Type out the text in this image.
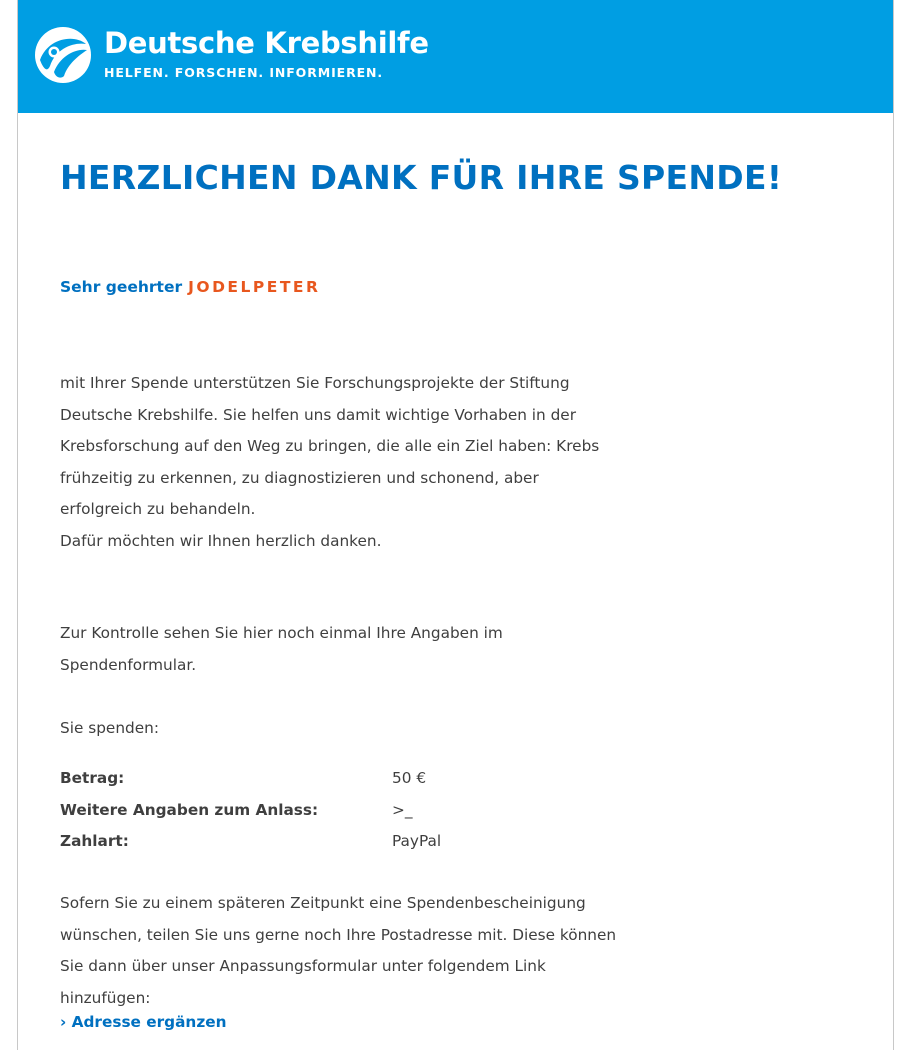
Deutsche Krebshilfe
HELFEN. FORSCHEN. INFORMIEREN.
HERZLICHEN DANK FÜR IHRE SPENDE!
Sehr geehrter JODELPETER
mit Ihrer Spende unterstützen Sie Forschungsprojekte der Stiftung Deutsche Krebshilfe. Sie helfen uns damit wichtige Vorhaben in der Krebsforschung auf den Weg zu bringen, die alle ein Ziel haben: Krebs frühzeitig zu erkennen, zu diagnostizieren und schonend, aber erfolgreich zu behandeln.
Dafür möchten wir Ihnen herzlich danken.
Zur Kontrolle sehen Sie hier noch einmal Ihre Angaben im Spendenformular.
Sie spenden:
Betrag:	50 €
Weitere Angaben zum Anlass:	>_
Zahlart:	PayPal
Sofern Sie zu einem späteren Zeitpunkt eine Spendenbescheinigung wünschen, teilen Sie uns gerne noch Ihre Postadresse mit. Diese können Sie dann über unser Anpassungsformular unter folgendem Link hinzufügen:
› Adresse ergänzen
